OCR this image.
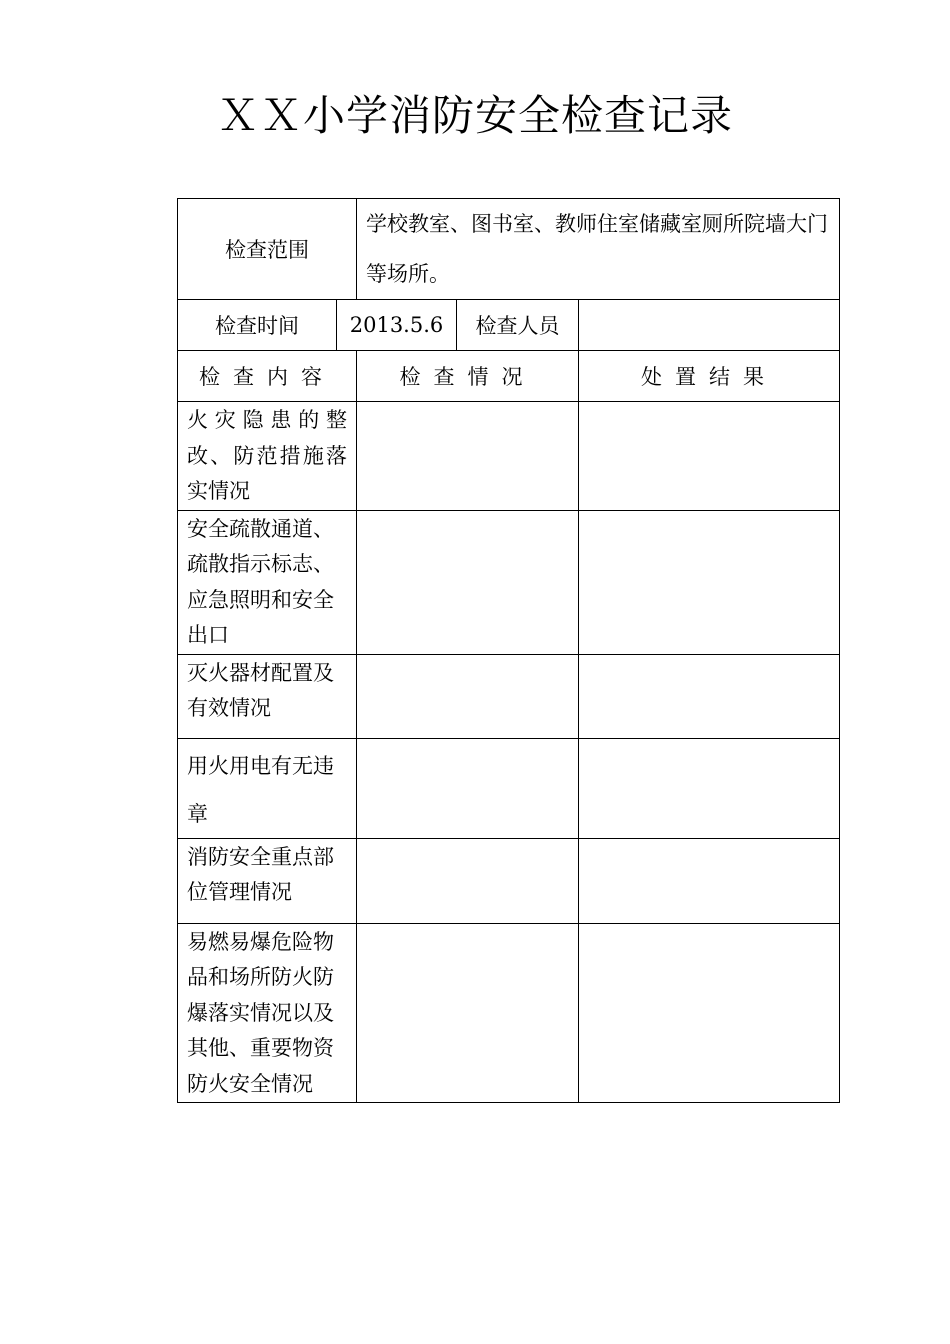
ＸＸ小学消防安全检查记录
检查范围		学校教室、图书室、教师住室储藏室厕所院墙大门等场所。		
检查时间	2013.5.6		检查人员	
检查内容		检查情况		处置结果
火灾隐患的整改、防范措施落实情况				
安全疏散通道、疏散指示标志、应急照明和安全出口				
灭火器材配置及有效情况				
用火用电有无违章				
消防安全重点部位管理情况				
易燃易爆危险物品和场所防火防爆落实情况以及其他、重要物资防火安全情况				
